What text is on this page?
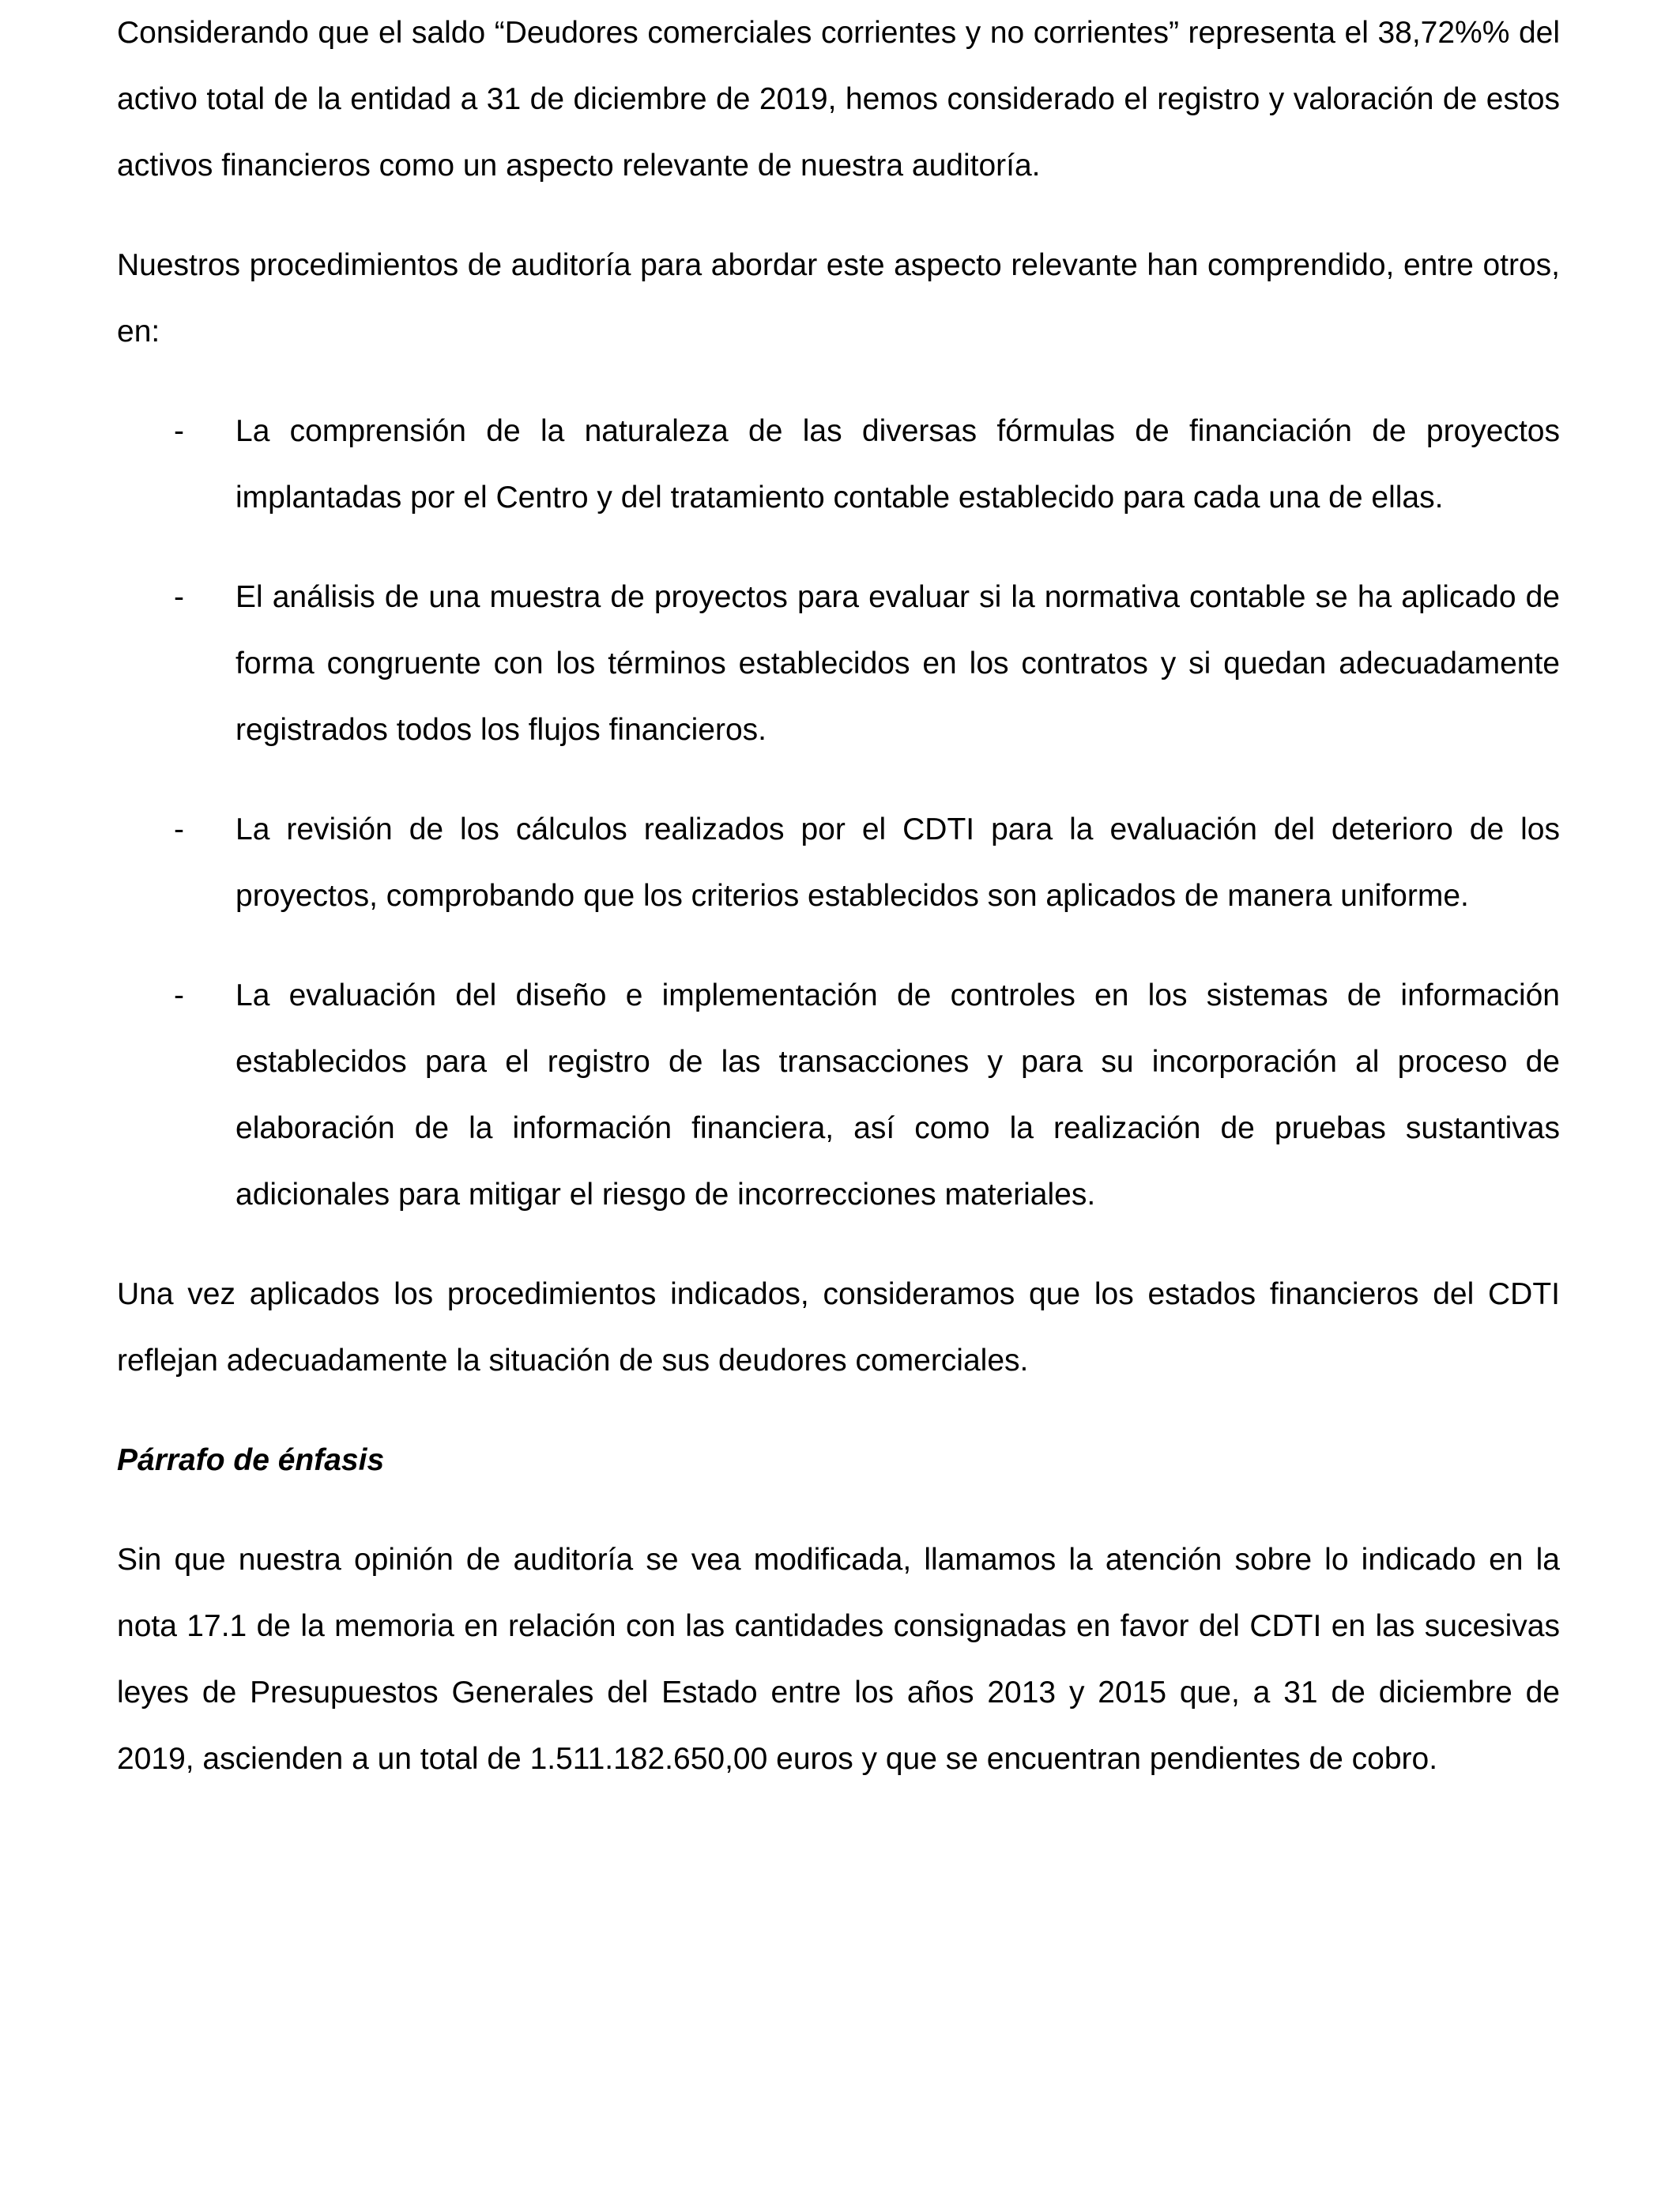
Considerando que el saldo “Deudores comerciales corrientes y no corrientes” representa el 38,72%% del activo total de la entidad a 31 de diciembre de 2019, hemos considerado el registro y valoración de estos activos financieros como un aspecto relevante de nuestra auditoría.

Nuestros procedimientos de auditoría para abordar este aspecto relevante han comprendido, entre otros, en:

- La comprensión de la naturaleza de las diversas fórmulas de financiación de proyectos implantadas por el Centro y del tratamiento contable establecido para cada una de ellas.
- El análisis de una muestra de proyectos para evaluar si la normativa contable se ha aplicado de forma congruente con los términos establecidos en los contratos y si quedan adecuadamente registrados todos los flujos financieros.
- La revisión de los cálculos realizados por el CDTI para la evaluación del deterioro de los proyectos, comprobando que los criterios establecidos son aplicados de manera uniforme.
- La evaluación del diseño e implementación de controles en los sistemas de información establecidos para el registro de las transacciones y para su incorporación al proceso de elaboración de la información financiera, así como la realización de pruebas sustantivas adicionales para mitigar el riesgo de incorrecciones materiales.

Una vez aplicados los procedimientos indicados, consideramos que los estados financieros del CDTI reflejan adecuadamente la situación de sus deudores comerciales.

Párrafo de énfasis

Sin que nuestra opinión de auditoría se vea modificada, llamamos la atención sobre lo indicado en la nota 17.1 de la memoria en relación con las cantidades consignadas en favor del CDTI en las sucesivas leyes de Presupuestos Generales del Estado entre los años 2013 y 2015 que, a 31 de diciembre de 2019, ascienden a un total de 1.511.182.650,00 euros y que se encuentran pendientes de cobro.
